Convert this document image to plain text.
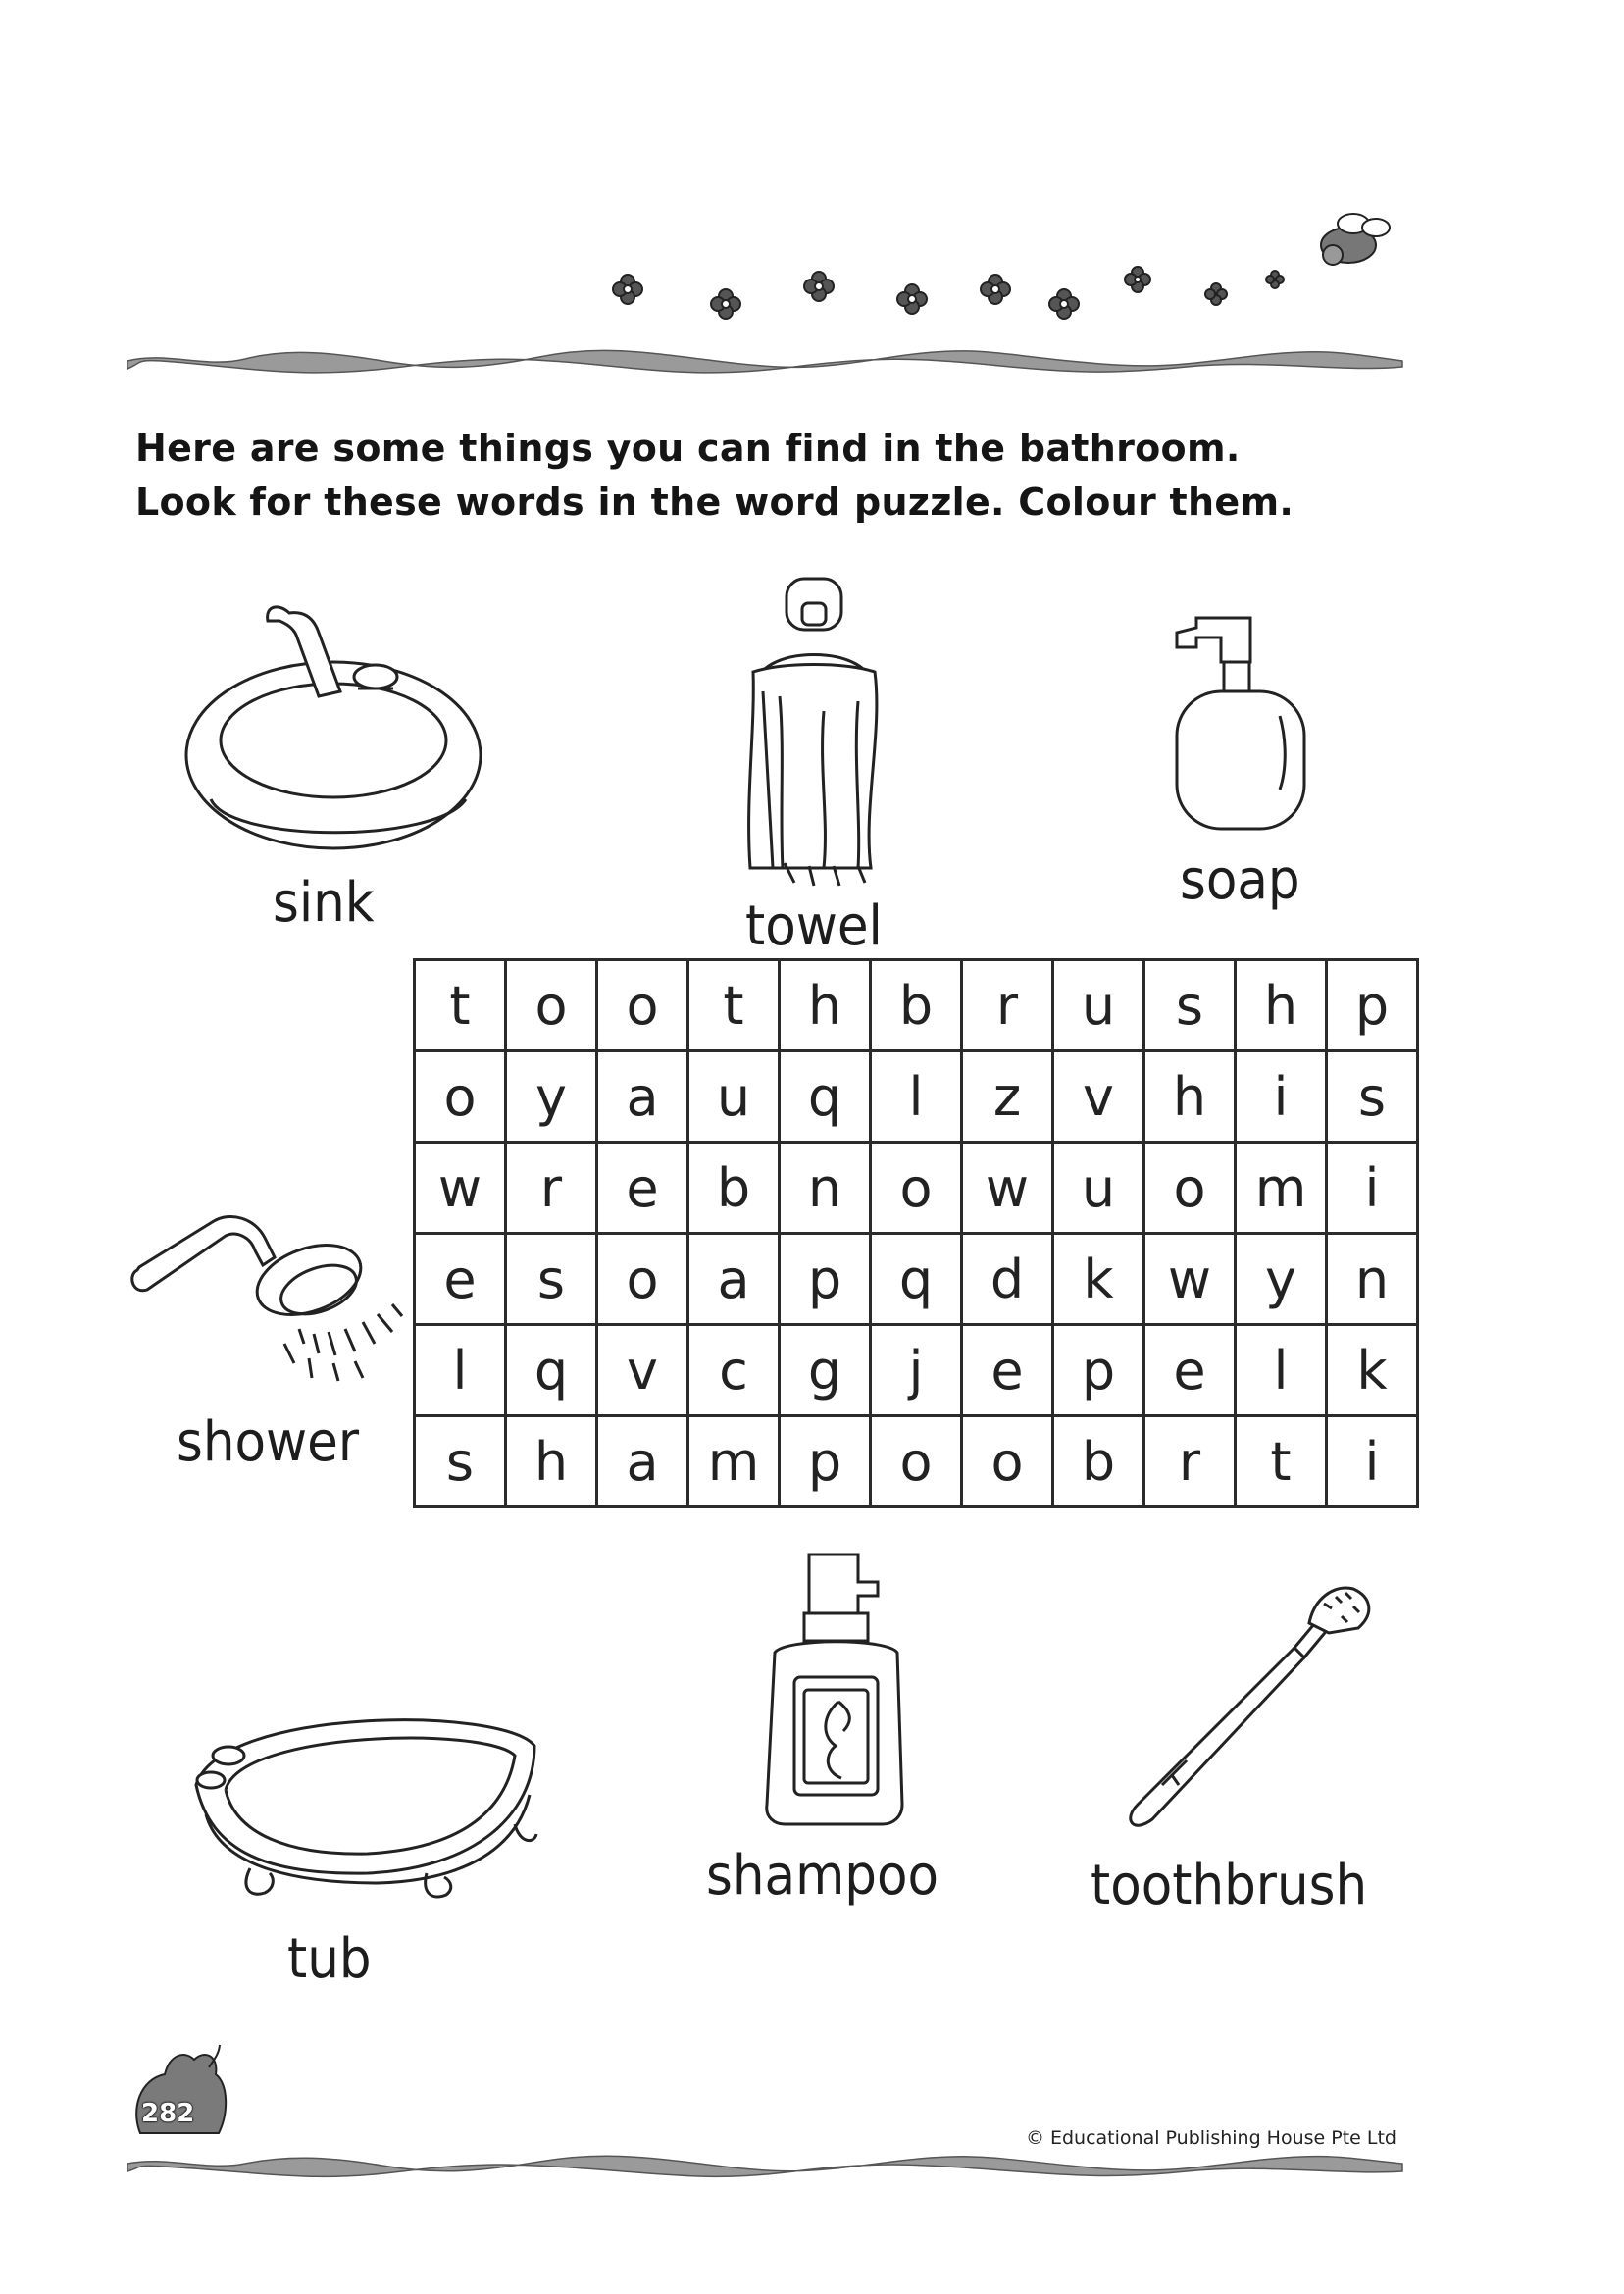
Here are some things you can find in the bathroom.
Look for these words in the word puzzle. Colour them.
sink	towel
soap
shower
t	o	o	t	h	b	r	u	s	h	p
o	y	a	u	q	l	z	v	h	i	s
w	r	e	b	n	o	w	u	o	m	i
e	s	o	a	p	q	d	k	w	y	n
l	q	v	c	g	j	e	p	e	l	k
s	h	a	m	p	o	o	b	r	t	i
tub
shampoo	toothbrush
282
© Educational Publishing House Pte Ltd
